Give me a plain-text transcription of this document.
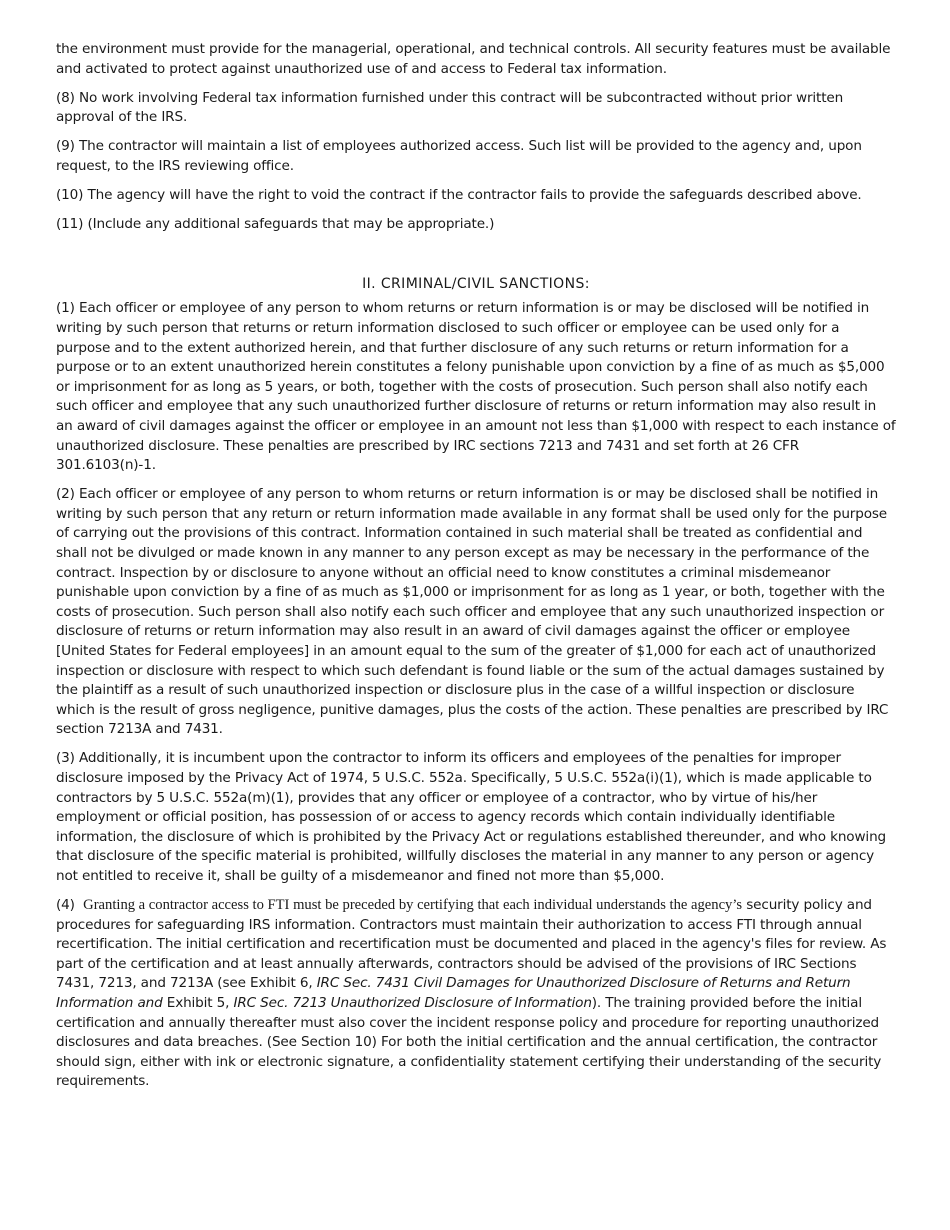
the environment must provide for the managerial, operational, and technical controls. All security features must be available and activated to protect against unauthorized use of and access to Federal tax information.

(8) No work involving Federal tax information furnished under this contract will be subcontracted without prior written approval of the IRS.

(9) The contractor will maintain a list of employees authorized access. Such list will be provided to the agency and, upon request, to the IRS reviewing office.

(10) The agency will have the right to void the contract if the contractor fails to provide the safeguards described above.

(11) (Include any additional safeguards that may be appropriate.)

II. CRIMINAL/CIVIL SANCTIONS:

(1) Each officer or employee of any person to whom returns or return information is or may be disclosed will be notified in writing by such person that returns or return information disclosed to such officer or employee can be used only for a purpose and to the extent authorized herein, and that further disclosure of any such returns or return information for a purpose or to an extent unauthorized herein constitutes a felony punishable upon conviction by a fine of as much as $5,000 or imprisonment for as long as 5 years, or both, together with the costs of prosecution. Such person shall also notify each such officer and employee that any such unauthorized further disclosure of returns or return information may also result in an award of civil damages against the officer or employee in an amount not less than $1,000 with respect to each instance of unauthorized disclosure. These penalties are prescribed by IRC sections 7213 and 7431 and set forth at 26 CFR 301.6103(n)-1.

(2) Each officer or employee of any person to whom returns or return information is or may be disclosed shall be notified in writing by such person that any return or return information made available in any format shall be used only for the purpose of carrying out the provisions of this contract. Information contained in such material shall be treated as confidential and shall not be divulged or made known in any manner to any person except as may be necessary in the performance of the contract. Inspection by or disclosure to anyone without an official need to know constitutes a criminal misdemeanor punishable upon conviction by a fine of as much as $1,000 or imprisonment for as long as 1 year, or both, together with the costs of prosecution. Such person shall also notify each such officer and employee that any such unauthorized inspection or disclosure of returns or return information may also result in an award of civil damages against the officer or employee [United States for Federal employees] in an amount equal to the sum of the greater of $1,000 for each act of unauthorized inspection or disclosure with respect to which such defendant is found liable or the sum of the actual damages sustained by the plaintiff as a result of such unauthorized inspection or disclosure plus in the case of a willful inspection or disclosure which is the result of gross negligence, punitive damages, plus the costs of the action. These penalties are prescribed by IRC section 7213A and 7431.

(3) Additionally, it is incumbent upon the contractor to inform its officers and employees of the penalties for improper disclosure imposed by the Privacy Act of 1974, 5 U.S.C. 552a. Specifically, 5 U.S.C. 552a(i)(1), which is made applicable to contractors by 5 U.S.C. 552a(m)(1), provides that any officer or employee of a contractor, who by virtue of his/her employment or official position, has possession of or access to agency records which contain individually identifiable information, the disclosure of which is prohibited by the Privacy Act or regulations established thereunder, and who knowing that disclosure of the specific material is prohibited, willfully discloses the material in any manner to any person or agency not entitled to receive it, shall be guilty of a misdemeanor and fined not more than $5,000.

(4) Granting a contractor access to FTI must be preceded by certifying that each individual understands the agency’s security policy and procedures for safeguarding IRS information. Contractors must maintain their authorization to access FTI through annual recertification. The initial certification and recertification must be documented and placed in the agency's files for review. As part of the certification and at least annually afterwards, contractors should be advised of the provisions of IRC Sections 7431, 7213, and 7213A (see Exhibit 6, IRC Sec. 7431 Civil Damages for Unauthorized Disclosure of Returns and Return Information and Exhibit 5, IRC Sec. 7213 Unauthorized Disclosure of Information). The training provided before the initial certification and annually thereafter must also cover the incident response policy and procedure for reporting unauthorized disclosures and data breaches. (See Section 10) For both the initial certification and the annual certification, the contractor should sign, either with ink or electronic signature, a confidentiality statement certifying their understanding of the security requirements.
